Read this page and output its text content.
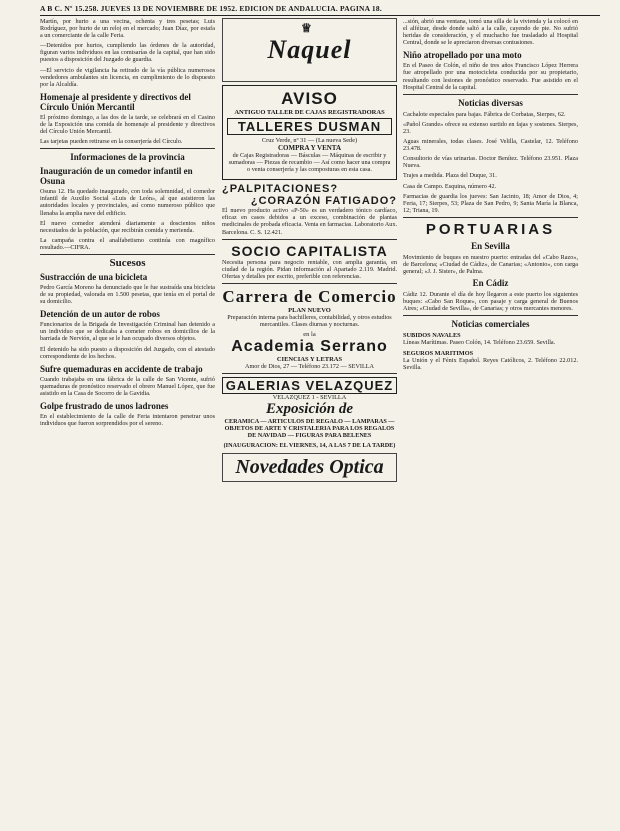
A B C. Nº 15.258. JUEVES 13 DE NOVIEMBRE DE 1952. EDICION DE ANDALUCIA. PAGINA 18.

Martín, por hurto a una vecina, ochenta y tres pesetas; Luis Rodríguez, por hurto de un reloj en el mercado; Juan Díaz, por estafa a un comerciante de la calle Feria.

—Detenidos por hurtos, cumpliendo las órdenes de la autoridad, figuran varios individuos en las comisarías de la capital, que han sido puestos a disposición del Juzgado de guardia.

—El servicio de vigilancia ha retirado de la vía pública numerosos vendedores ambulantes sin licencia, en cumplimiento de lo dispuesto por la Alcaldía.

Homenaje al presidente y directivos del Círculo Unión Mercantil

El próximo domingo, a las dos de la tarde, se celebrará en el Casino de la Exposición una comida de homenaje al presidente y directivos del Círculo Unión Mercantil.

Las tarjetas pueden retirarse en la conserjería del Círculo.

Informaciones de la provincia
Inauguración de un comedor infantil en Osuna

Osuna 12. Ha quedado inaugurado, con toda solemnidad, el comedor infantil de Auxilio Social «Luis de León», al que asistieron las autoridades locales y provinciales, así como numeroso público que llenaba la amplia nave del edificio.

El nuevo comedor atenderá diariamente a doscientos niños necesitados de la población, que recibirán comida y merienda.

La campaña contra el analfabetismo continúa con magnífico resultado.—CIFRA.

Sucesos
Sustracción de una bicicleta

Pedro García Moreno ha denunciado que le fue sustraída una bicicleta de su propiedad, valorada en 1.500 pesetas, que tenía en el portal de su domicilio.

Detención de un autor de robos

Funcionarios de la Brigada de Investigación Criminal han detenido a un individuo que se dedicaba a cometer robos en domicilios de la barriada de Nervión, al que se le han ocupado diversos objetos.

El detenido ha sido puesto a disposición del Juzgado, con el atestado correspondiente de los hechos.

Sufre quemaduras en accidente de trabajo

Cuando trabajaba en una fábrica de la calle de San Vicente, sufrió quemaduras de pronóstico reservado el obrero Manuel López, que fue asistido en la Casa de Socorro de la Gavidia.

Golpe frustrado de unos ladrones

En el establecimiento de la calle de Feria intentaron penetrar unos individuos que fueron sorprendidos por el sereno.

♕
Naquel
AVISO
ANTIGUO TALLER DE CAJAS REGISTRADORAS
TALLERES DUSMAN
Cruz Verde, nº 31 — (La nueva Sede)
COMPRA Y VENTA

de Cajas Registradoras — Básculas — Máquinas de escribir y sumadoras — Piezas de recambio — Así como hacer una compra o venta conserjería y las composturas en esta casa.

¿PALPITACIONES?
¿CORAZÓN FATIGADO?

El nuevo producto activo «P-50» es un verdadero tónico cardíaco, eficaz en casos debidos a un exceso, combinación de plantas medicinales de probada eficacia. Venta en farmacias. Laboratorio Aux. Barcelona. C. S. 12.421.

SOCIO CAPITALISTA

Necesita persona para negocio rentable, con amplia garantía, en ciudad de la región. Pidan información al Apartado 2.119. Madrid. Ofertas y detalles por escrito, preferible con referencias.

Carrera de Comercio
PLAN NUEVO

Preparación interna para bachilleres, contabilidad, y otros estudios mercantiles. Clases diurnas y nocturnas.

en la
Academia Serrano
CIENCIAS Y LETRAS
Amor de Dios, 27 — Teléfono 23.172 — SEVILLA
GALERIAS VELAZQUEZ
VELAZQUEZ 1 - SEVILLA
Exposición de

CERAMICA — ARTICULOS DE REGALO — LAMPARAS — OBJETOS DE ARTE Y CRISTALERIA PARA LOS REGALOS DE NAVIDAD — FIGURAS PARA BELENES

(INAUGURACION: EL VIERNES, 14, A LAS 7 DE LA TARDE)
Novedades Optica

...sión, abrió una ventana, tomó una silla de la vivienda y la colocó en el alféizar, desde donde saltó a la calle, cayendo de pie. No sufrió heridas de consideración, y el muchacho fue trasladado al Hospital Central, donde se le apreciaron diversas contusiones.

Niño atropellado por una moto

En el Paseo de Colón, el niño de tres años Francisco López Herrera fue atropellado por una motocicleta conducida por su propietario, resultando con lesiones de pronóstico reservado. Fue asistido en el Hospital Central de la capital.

Noticias diversas

Cachalote especiales para bajas. Fábrica de Corbatas, Sierpes, 62.

«Pañol Grande» ofrece su extenso surtido en fajas y sostenes. Sierpes, 23.

Aguas minerales, todas clases. José Velilla, Castelar, 12. Teléfono 23.478.

Consultorio de vías urinarias. Doctor Benítez. Teléfono 23.951. Plaza Nueva.

Trajes a medida. Plaza del Duque, 31.

Casa de Campo. Esquina, número 42.

Farmacias de guardia los jueves: San Jacinto, 18; Amor de Dios, 4; Feria, 17; Sierpes, 53; Plaza de San Pedro, 9; Santa María la Blanca, 12; Triana, 19.

PORTUARIAS
En Sevilla

Movimiento de buques en nuestro puerto: entradas del «Cabo Razo», de Barcelona; «Ciudad de Cádiz», de Canarias; «Antonio», con carga general; «J. J. Sister», de Palma.

En Cádiz

Cádiz 12. Durante el día de hoy llegaron a este puerto los siguientes buques: «Cabo San Roque», con pasaje y carga general de Buenos Aires; «Ciudad de Sevilla», de Canarias; y otros mercantes menores.

Noticias comerciales
SUBIDOS NAVALES

Líneas Marítimas. Paseo Colón, 14. Teléfono 23.659. Sevilla.

SEGUROS MARITIMOS

La Unión y el Fénix Español. Reyes Católicos, 2. Teléfono 22.012. Sevilla.
